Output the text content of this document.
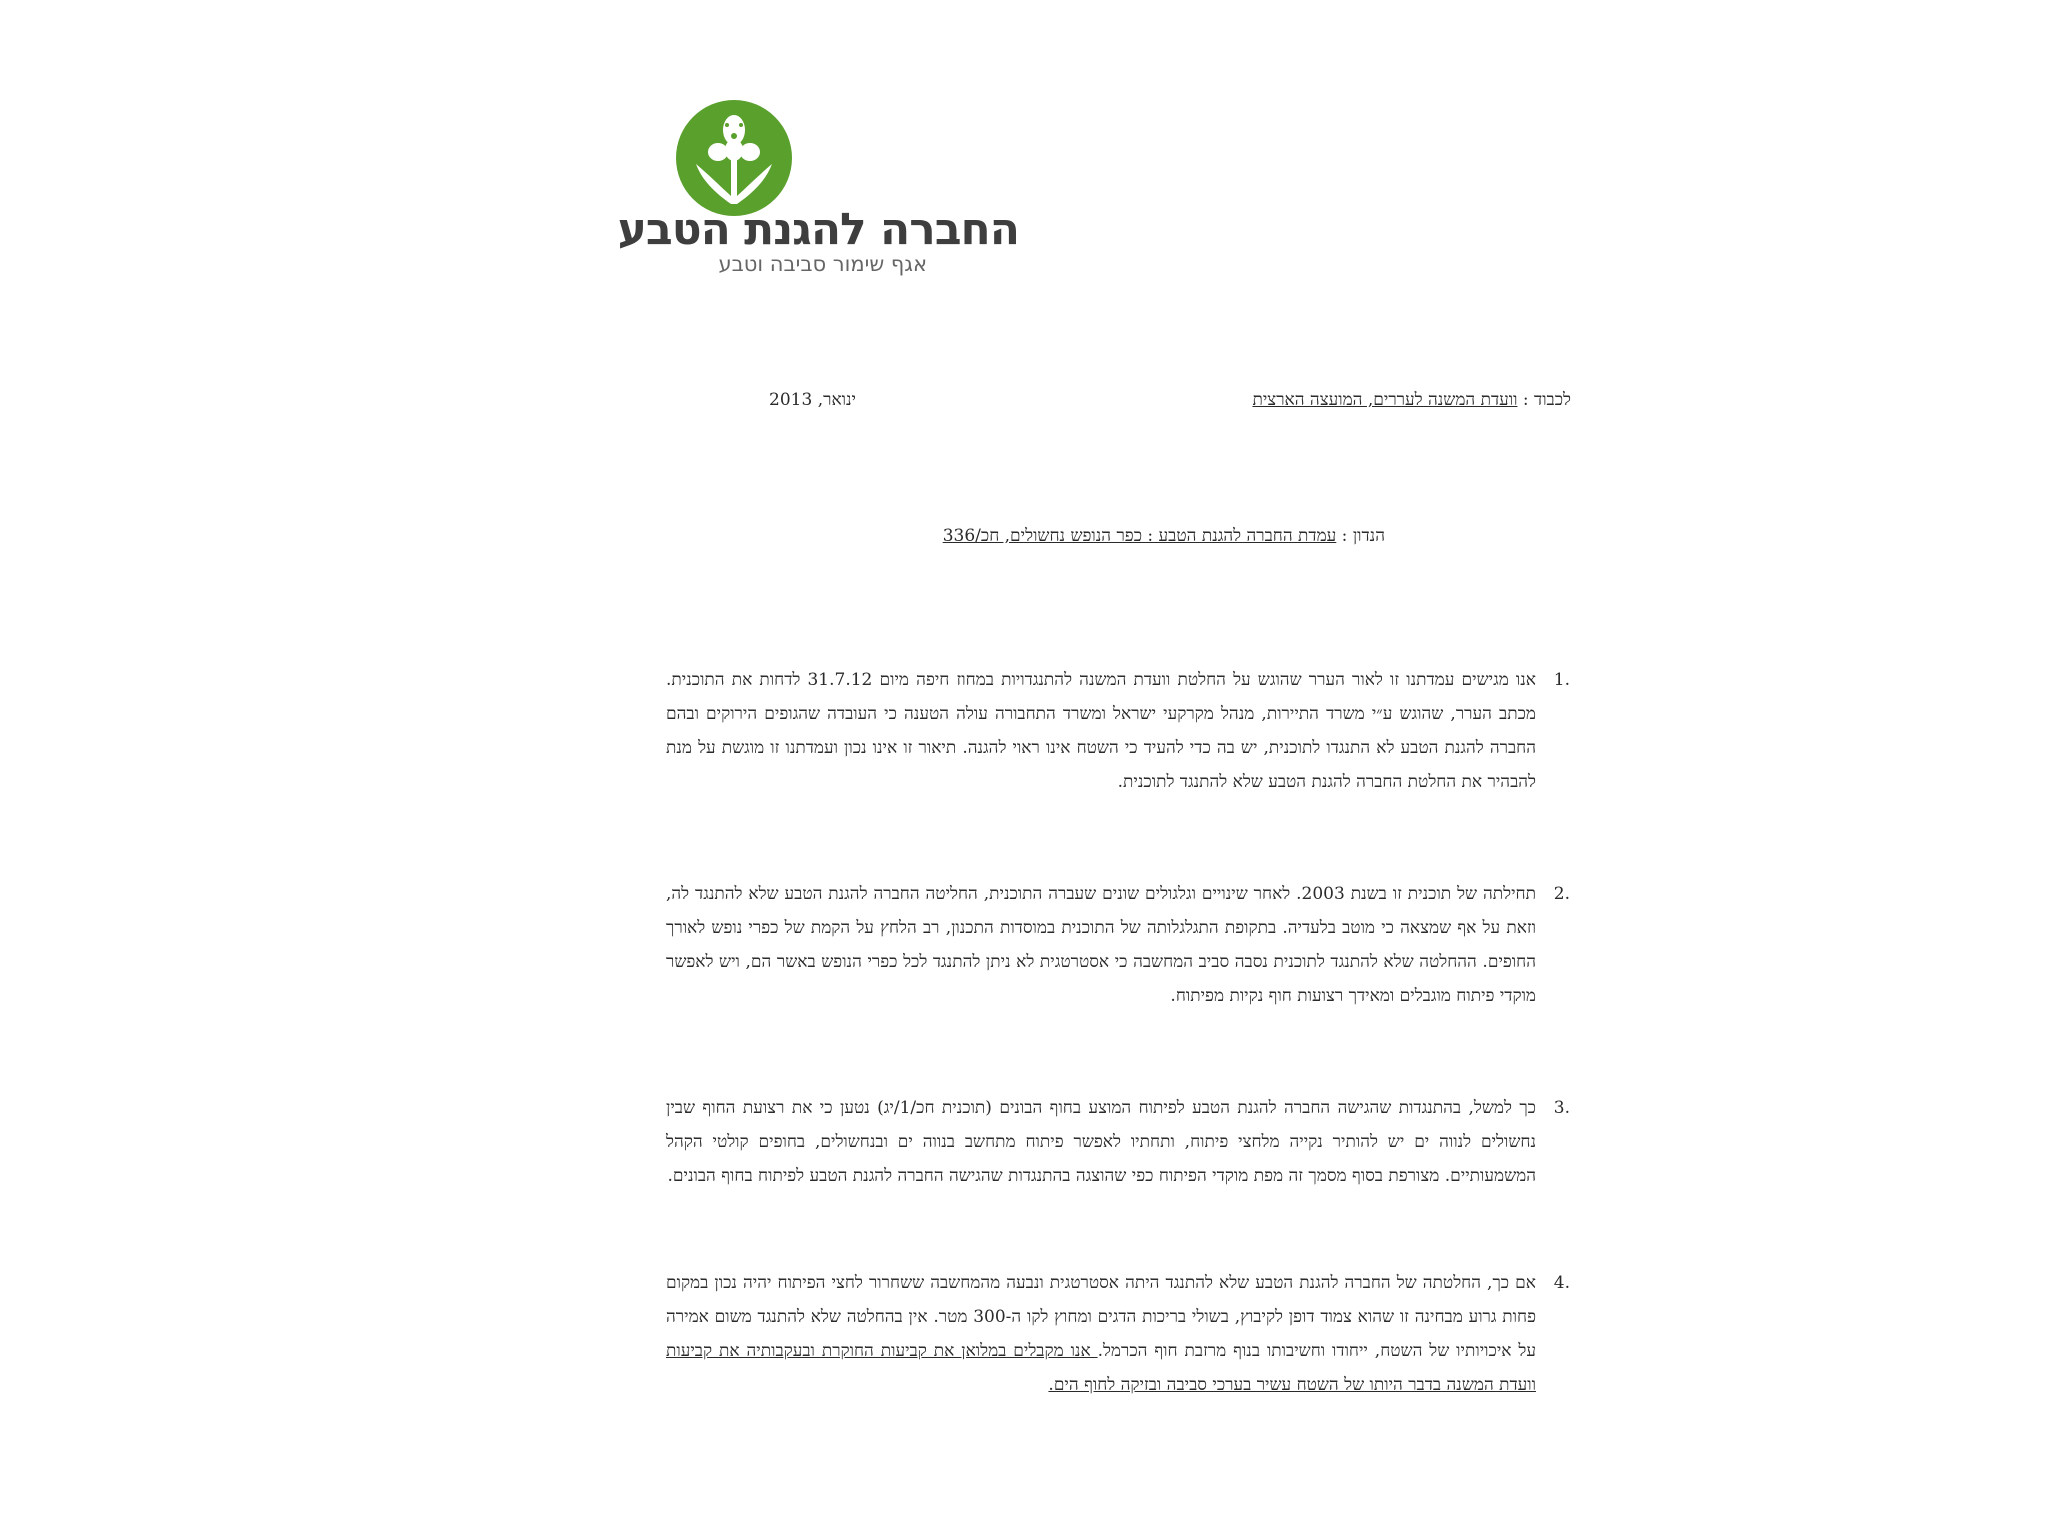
החברה להגנת הטבע
אגף שימור סביבה וטבע
לכבוד : וועדת המשנה לעררים, המועצה הארצית
ינואר, 2013
הנדון : עמדת החברה להגנת הטבע : כפר הנופש נחשולים, חכ/336
1.
אנו מגישים עמדתנו זו לאור הערר שהוגש על החלטת וועדת המשנה להתנגדויות במחוז חיפה מיום 31.7.12 לדחות את התוכנית. מכתב הערר, שהוגש ע״י משרד התיירות, מנהל מקרקעי ישראל ומשרד התחבורה עולה הטענה כי העובדה שהגופים הירוקים ובהם החברה להגנת הטבע לא התנגדו לתוכנית, יש בה כדי להעיד כי השטח אינו ראוי להגנה. תיאור זו אינו נכון ועמדתנו זו מוגשת על מנת להבהיר את החלטת החברה להגנת הטבע שלא להתנגד לתוכנית.
2.
תחילתה של תוכנית זו בשנת 2003. לאחר שינויים וגלגולים שונים שעברה התוכנית, החליטה החברה להגנת הטבע שלא להתנגד לה, וזאת על אף שמצאה כי מוטב בלעדיה. בתקופת התגלגלותה של התוכנית במוסדות התכנון, רב הלחץ על הקמת של כפרי נופש לאורך החופים. ההחלטה שלא להתנגד לתוכנית נסבה סביב המחשבה כי אסטרטגית לא ניתן להתנגד לכל כפרי הנופש באשר הם, ויש לאפשר מוקדי פיתוח מוגבלים ומאידך רצועות חוף נקיות מפיתוח.
3.
כך למשל, בהתנגדות שהגישה החברה להגנת הטבע לפיתוח המוצע בחוף הבונים (תוכנית חכ/1/יג) נטען כי את רצועת החוף שבין נחשולים לנווה ים יש להותיר נקייה מלחצי פיתוח, ותחתיו לאפשר פיתוח מתחשב בנווה ים ובנחשולים, בחופים קולטי הקהל המשמעותיים. מצורפת בסוף מסמך זה מפת מוקדי הפיתוח כפי שהוצגה בהתנגדות שהגישה החברה להגנת הטבע לפיתוח בחוף הבונים.
4.
אם כך, החלטתה של החברה להגנת הטבע שלא להתנגד היתה אסטרטגית ונבעה מהמחשבה ששחרור לחצי הפיתוח יהיה נכון במקום פחות גרוע מבחינה זו שהוא צמוד דופן לקיבוץ, בשולי בריכות הדגים ומחוץ לקו ה-300 מטר. אין בהחלטה שלא להתנגד משום אמירה על איכויותיו של השטח, ייחודו וחשיבותו בנוף מרזבת חוף הכרמל. אנו מקבלים במלואן את קביעות החוקרת ובעקבותיה את קביעות וועדת המשנה בדבר היותו של השטח עשיר בערכי סביבה ובזיקה לחוף הים.
